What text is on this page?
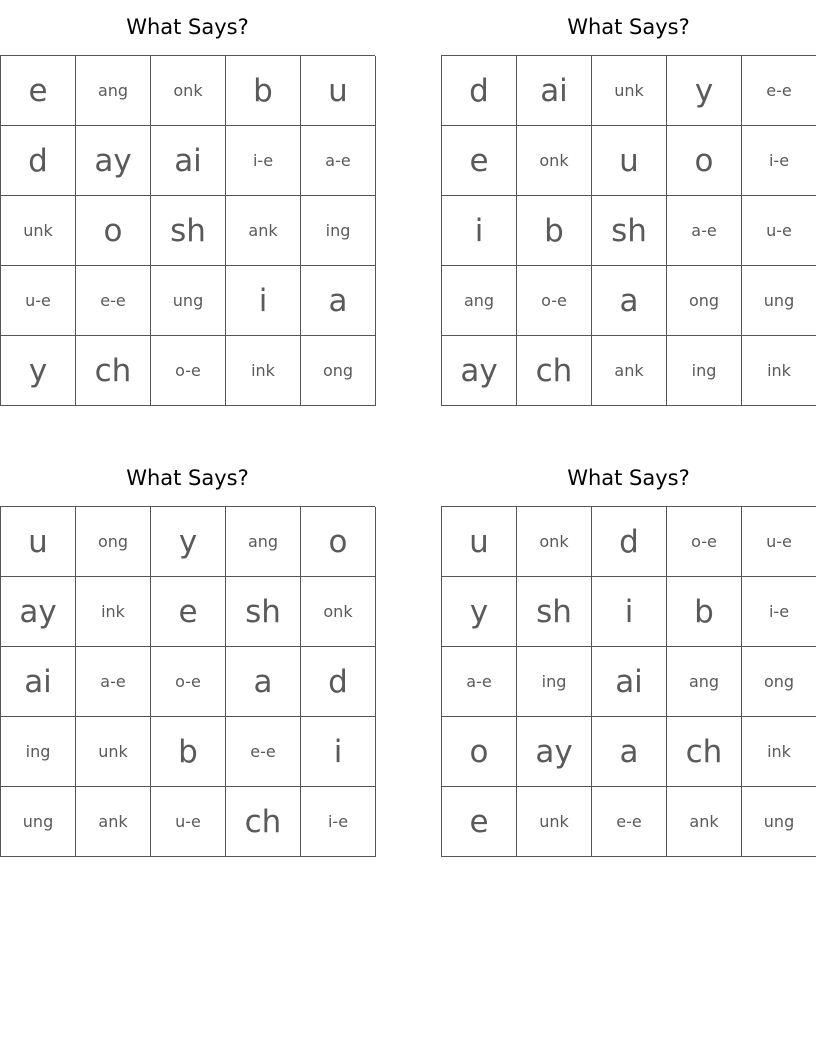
What Says?
e	ang	onk	b	u
d	ay	ai	i-e	a-e
unk	o	sh	ank	ing
u-e	e-e	ung	i	a
y	ch	o-e	ink	ong
What Says?
d	ai	unk	y	e-e
e	onk	u	o	i-e
i	b	sh	a-e	u-e
ang	o-e	a	ong	ung
ay	ch	ank	ing	ink
What Says?
u	ong	y	ang	o
ay	ink	e	sh	onk
ai	a-e	o-e	a	d
ing	unk	b	e-e	i
ung	ank	u-e	ch	i-e
What Says?
u	onk	d	o-e	u-e
y	sh	i	b	i-e
a-e	ing	ai	ang	ong
o	ay	a	ch	ink
e	unk	e-e	ank	ung
